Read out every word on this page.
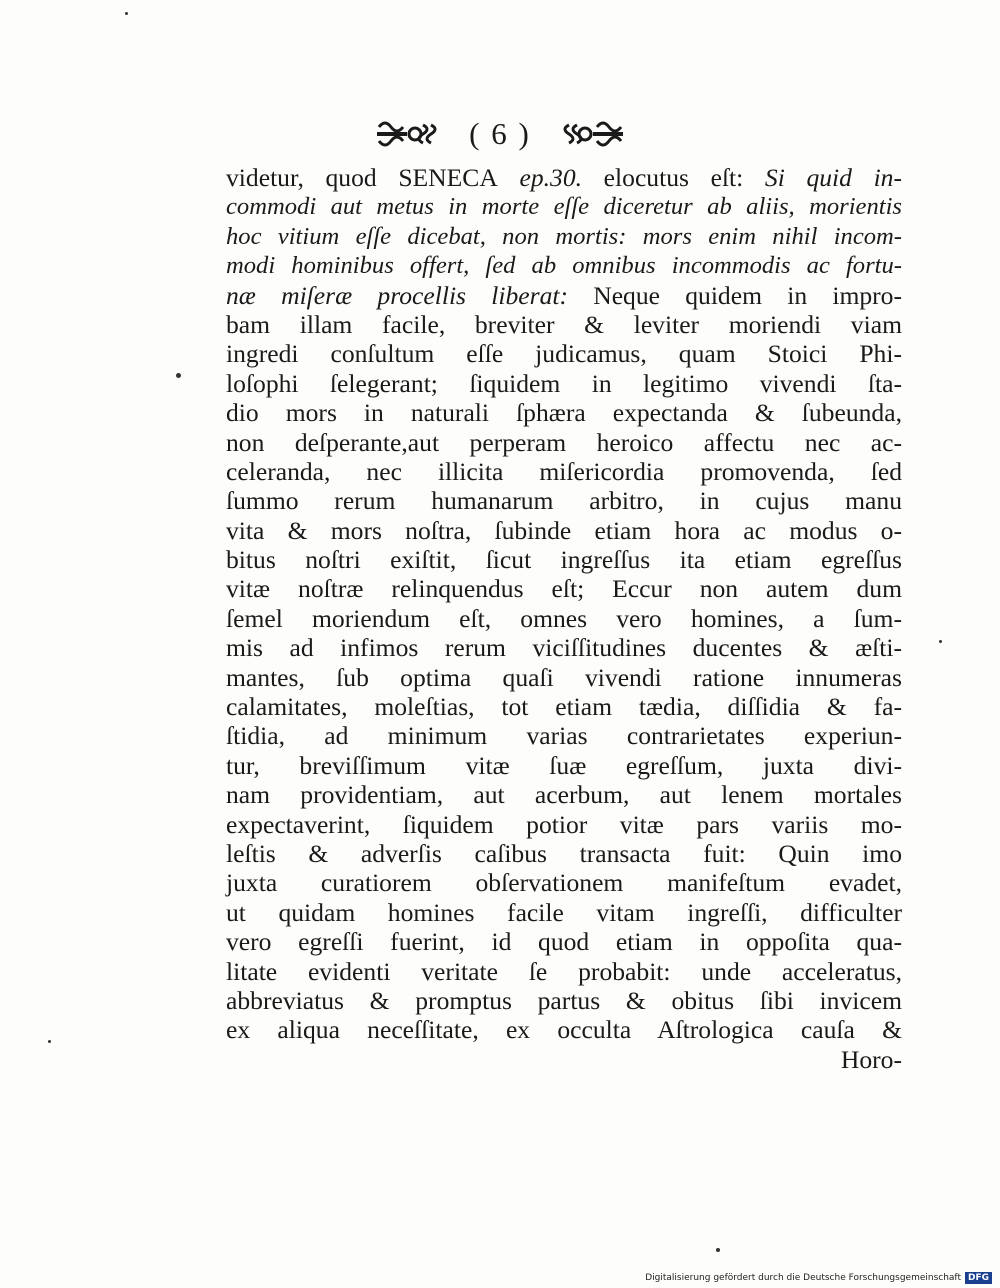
( 6 )
videtur, quod SENECA ep.30. elocutus eſt: Si quid in-
commodi aut metus in morte eſſe diceretur ab aliis, morientis
hoc vitium eſſe dicebat, non mortis: mors enim nihil incom-
modi hominibus offert, ſed ab omnibus incommodis ac fortu-
næ miſeræ procellis liberat: Neque quidem in impro-
bam illam facile, breviter & leviter moriendi viam
ingredi conſultum eſſe judicamus, quam Stoici Phi-
loſophi ſelegerant; ſiquidem in legitimo vivendi ſta-
dio mors in naturali ſphæra expectanda & ſubeunda,
non deſperante,aut perperam heroico affectu nec ac-
celeranda, nec illicita miſericordia promovenda, ſed
ſummo rerum humanarum arbitro, in cujus manu
vita & mors noſtra, ſubinde etiam hora ac modus o-
bitus noſtri exiſtit, ſicut ingreſſus ita etiam egreſſus
vitæ noſtræ relinquendus eſt; Eccur non autem dum
ſemel moriendum eſt, omnes vero homines, a ſum-
mis ad infimos rerum viciſſitudines ducentes & æſti-
mantes, ſub optima quaſi vivendi ratione innumeras
calamitates, moleſtias, tot etiam tædia, diſſidia & fa-
ſtidia, ad minimum varias contrarietates experiun-
tur, breviſſimum vitæ ſuæ egreſſum, juxta divi-
nam providentiam, aut acerbum, aut lenem mortales
expectaverint, ſiquidem potior vitæ pars variis mo-
leſtis & adverſis caſibus transacta fuit: Quin imo
juxta curatiorem obſervationem manifeſtum evadet,
ut quidam homines facile vitam ingreſſi, difficulter
vero egreſſi fuerint, id quod etiam in oppoſita qua-
litate evidenti veritate ſe probabit: unde acceleratus,
abbreviatus & promptus partus & obitus ſibi invicem
ex aliqua neceſſitate, ex occulta Aſtrologica cauſa &
Horo-
Digitalisierung gefördert durch die Deutsche Forschungsgemeinschaft DFG
